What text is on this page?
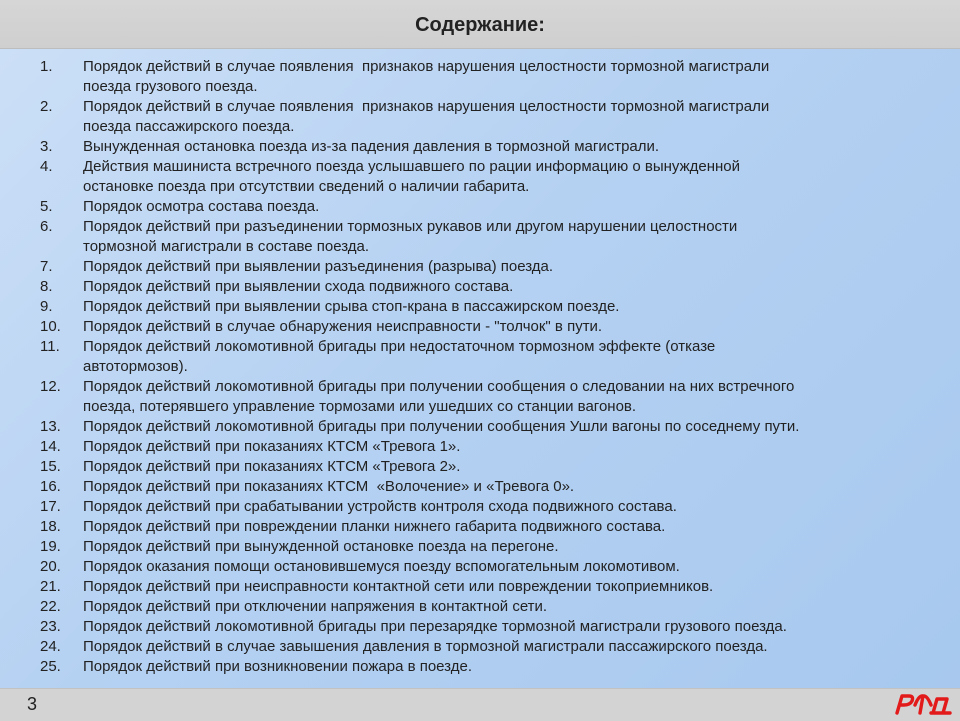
Содержание:
1.	Порядок действий в случае появления  признаков нарушения целостности тормозной магистрали
поезда грузового поезда.
2.	Порядок действий в случае появления  признаков нарушения целостности тормозной магистрали
поезда пассажирского поезда.
3.	Вынужденная остановка поезда из-за падения давления в тормозной магистрали.
4.	Действия машиниста встречного поезда услышавшего по рации информацию о вынужденной
остановке поезда при отсутствии сведений о наличии габарита.
5.	Порядок осмотра состава поезда.
6.	Порядок действий при разъединении тормозных рукавов или другом нарушении целостности
тормозной магистрали в составе поезда.
7.	Порядок действий при выявлении разъединения (разрыва) поезда.
8.	Порядок действий при выявлении схода подвижного состава.
9.	Порядок действий при выявлении срыва стоп-крана в пассажирском поезде.
10.	Порядок действий в случае обнаружения неисправности - "толчок" в пути.
11.	Порядок действий локомотивной бригады при недостаточном тормозном эффекте (отказе
автотормозов).
12.	Порядок действий локомотивной бригады при получении сообщения о следовании на них встречного
поезда, потерявшего управление тормозами или ушедших со станции вагонов.
13.	Порядок действий локомотивной бригады при получении сообщения Ушли вагоны по соседнему пути.
14.	Порядок действий при показаниях КТСМ «Тревога 1».
15.	Порядок действий при показаниях КТСМ «Тревога 2».
16.	Порядок действий при показаниях КТСМ  «Волочение» и «Тревога 0».
17.	Порядок действий при срабатывании устройств контроля схода подвижного состава.
18.	Порядок действий при повреждении планки нижнего габарита подвижного состава.
19.	Порядок действий при вынужденной остановке поезда на перегоне.
20.	Порядок оказания помощи остановившемуся поезду вспомогательным локомотивом.
21.	Порядок действий при неисправности контактной сети или повреждении токоприемников.
22.	Порядок действий при отключении напряжения в контактной сети.
23.	Порядок действий локомотивной бригады при перезарядке тормозной магистрали грузового поезда.
24.	Порядок действий в случае завышения давления в тормозной магистрали пассажирского поезда.
25.	Порядок действий при возникновении пожара в поезде.
3
